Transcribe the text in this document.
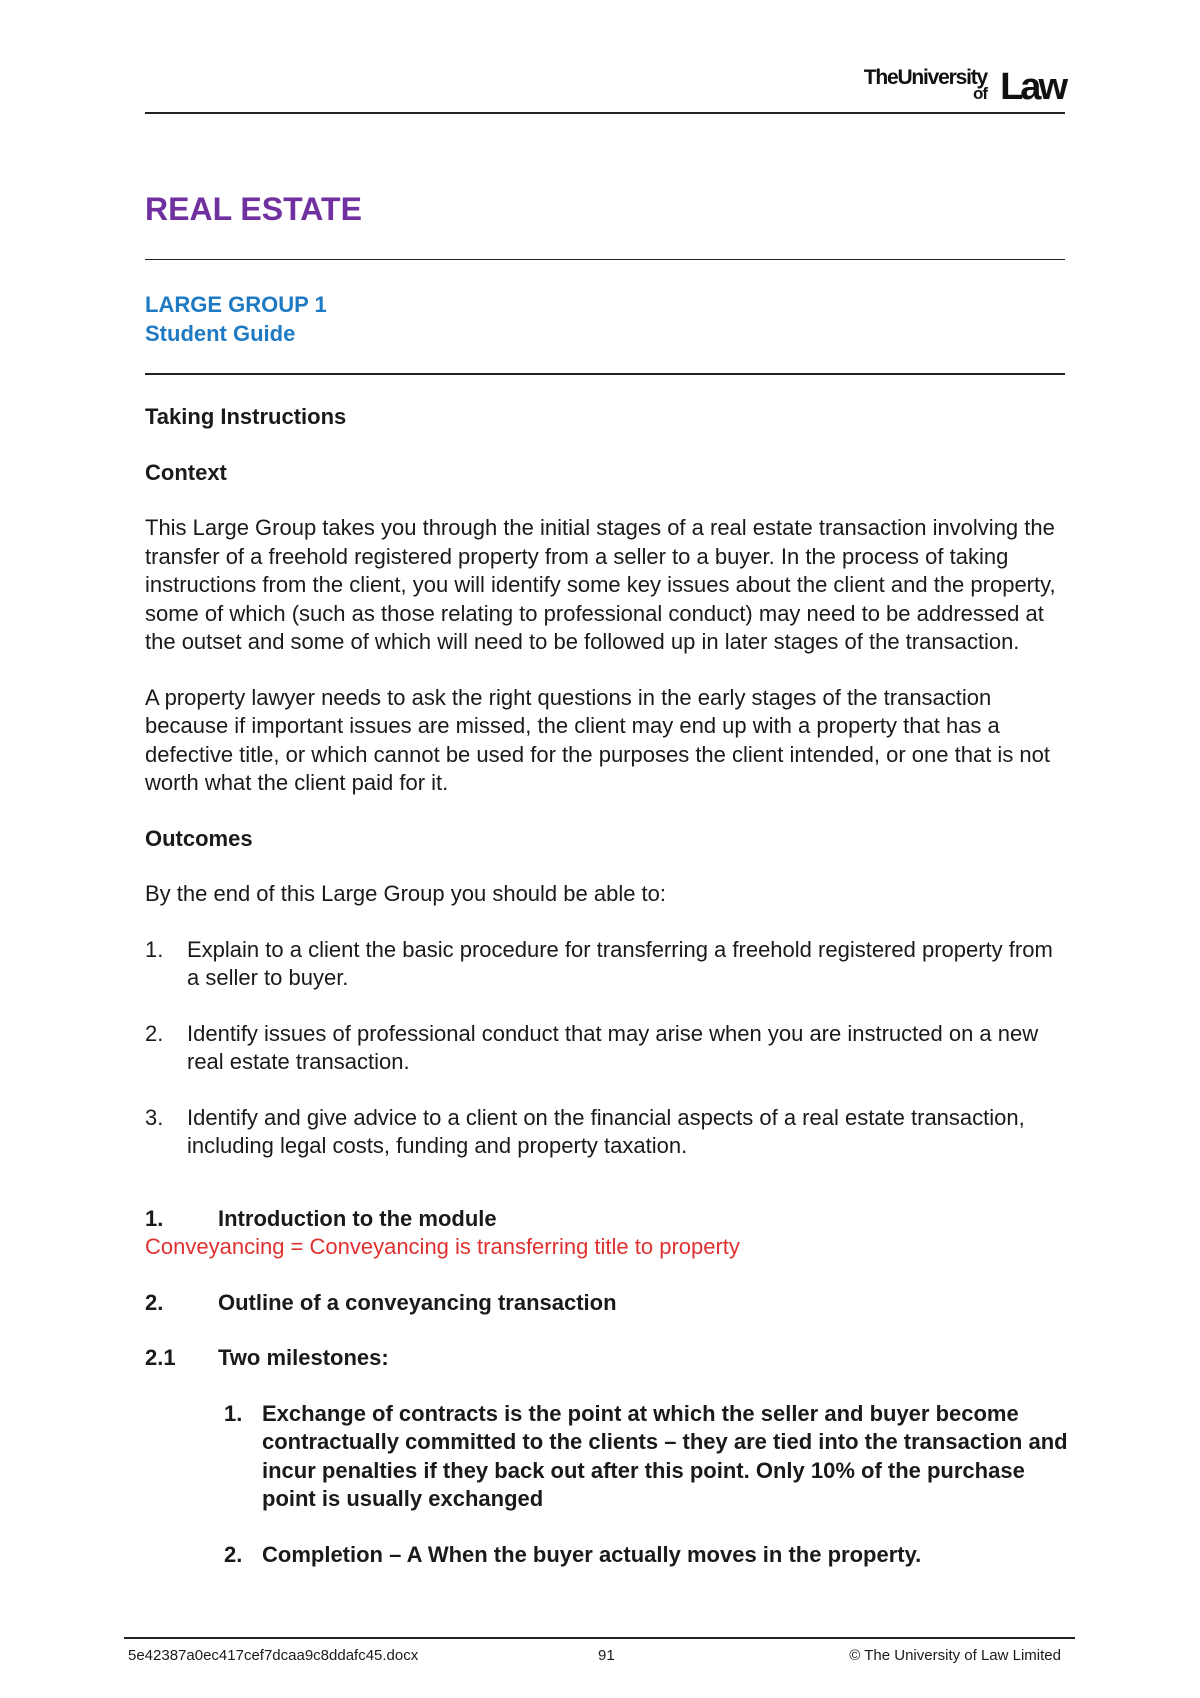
TheUniversity
of Law
REAL ESTATE
LARGE GROUP 1
Student Guide

Taking Instructions

Context

This Large Group takes you through the initial stages of a real estate transaction involving the transfer of a freehold registered property from a seller to a buyer. In the process of taking instructions from the client, you will identify some key issues about the client and the property, some of which (such as those relating to professional conduct) may need to be addressed at the outset and some of which will need to be followed up in later stages of the transaction.

A property lawyer needs to ask the right questions in the early stages of the transaction because if important issues are missed, the client may end up with a property that has a defective title, or which cannot be used for the purposes the client intended, or one that is not worth what the client paid for it.

Outcomes

By the end of this Large Group you should be able to:

1. Explain to a client the basic procedure for transferring a freehold registered property from a seller to buyer.

2. Identify issues of professional conduct that may arise when you are instructed on a new real estate transaction.

3. Identify and give advice to a client on the financial aspects of a real estate transaction, including legal costs, funding and property taxation.

1. Introduction to the module

Conveyancing = Conveyancing is transferring title to property

2. Outline of a conveyancing transaction

2.1 Two milestones:

1. Exchange of contracts is the point at which the seller and buyer become contractually committed to the clients – they are tied into the transaction and incur penalties if they back out after this point. Only 10% of the purchase point is usually exchanged

2. Completion – A When the buyer actually moves in the property.

5e42387a0ec417cef7dcaa9c8ddafc45.docx	91	© The University of Law Limited
